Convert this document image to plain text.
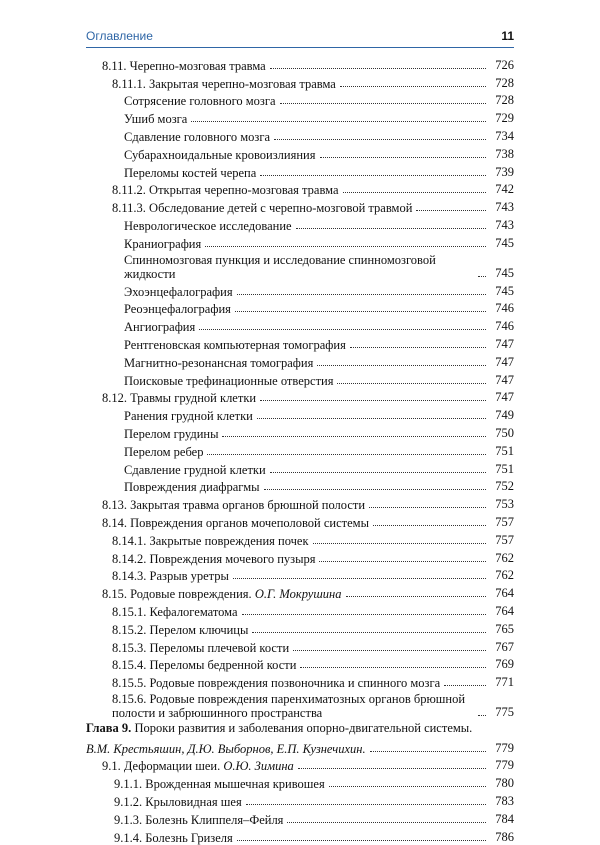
Оглавление	11
8.11. Черепно-мозговая травма	726
8.11.1. Закрытая черепно-мозговая травма	728
Сотрясение головного мозга	728
Ушиб мозга	729
Сдавление головного мозга	734
Субарахноидальные кровоизлияния	738
Переломы костей черепа	739
8.11.2. Открытая черепно-мозговая травма	742
8.11.3. Обследование детей с черепно-мозговой травмой	743
Неврологическое исследование	743
Краниография	745
Спинномозговая пункция и исследование спинномозговой жидкости	745
Эхоэнцефалография	745
Реоэнцефалография	746
Ангиография	746
Рентгеновская компьютерная томография	747
Магнитно-резонансная томография	747
Поисковые трефинационные отверстия	747
8.12. Травмы грудной клетки	747
Ранения грудной клетки	749
Перелом грудины	750
Перелом ребер	751
Сдавление грудной клетки	751
Повреждения диафрагмы	752
8.13. Закрытая травма органов брюшной полости	753
8.14. Повреждения органов мочеполовой системы	757
8.14.1. Закрытые повреждения почек	757
8.14.2. Повреждения мочевого пузыря	762
8.14.3. Разрыв уретры	762
8.15. Родовые повреждения. О.Г. Мокрушина	764
8.15.1. Кефалогематома	764
8.15.2. Перелом ключицы	765
8.15.3. Переломы плечевой кости	767
8.15.4. Переломы бедренной кости	769
8.15.5. Родовые повреждения позвоночника и спинного мозга	771
8.15.6. Родовые повреждения паренхиматозных органов брюшной полости и забрюшинного пространства	775
Глава 9. Пороки развития и заболевания опорно-двигательной системы.
В.М. Крестьяшин, Д.Ю. Выборнов, Е.П. Кузнечихин.	779
9.1. Деформации шеи. О.Ю. Зимина	779
9.1.1. Врожденная мышечная кривошея	780
9.1.2. Крыловидная шея	783
9.1.3. Болезнь Клиппеля–Фейля	784
9.1.4. Болезнь Гризеля	786
